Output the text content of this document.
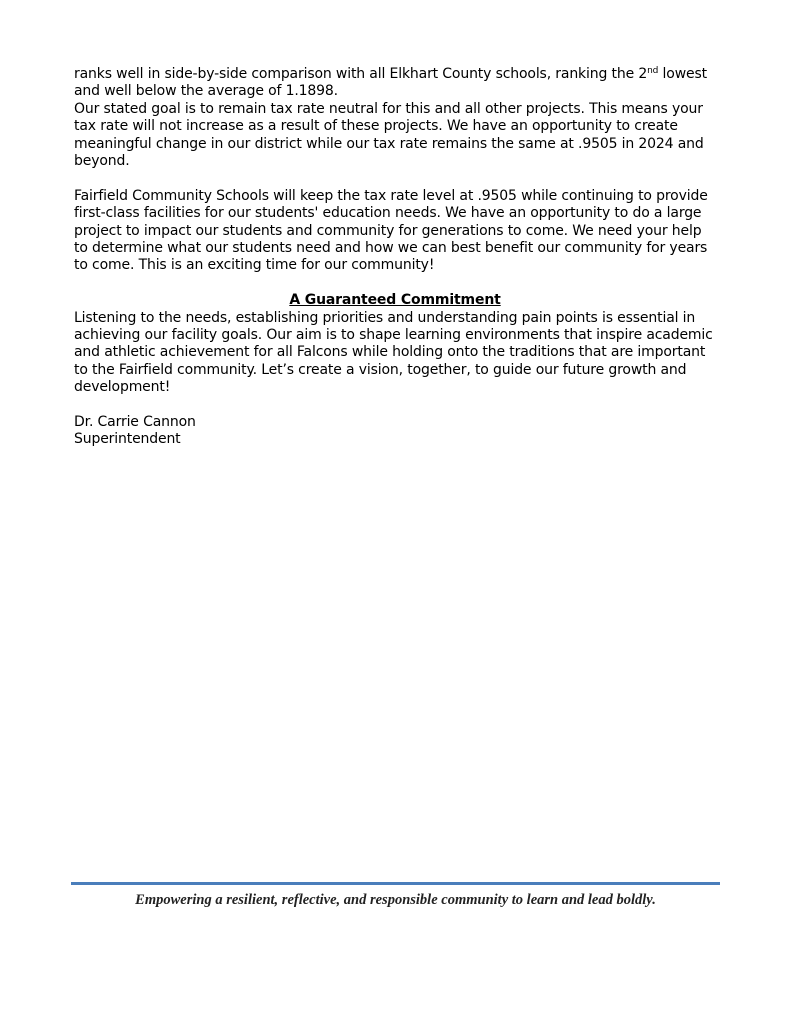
ranks well in side-by-side comparison with all Elkhart County schools, ranking the 2nd lowest and well below the average of 1.1898.

Our stated goal is to remain tax rate neutral for this and all other projects. This means your tax rate will not increase as a result of these projects. We have an opportunity to create meaningful change in our district while our tax rate remains the same at .9505 in 2024 and beyond.

Fairfield Community Schools will keep the tax rate level at .9505 while continuing to provide first-class facilities for our students' education needs. We have an opportunity to do a large project to impact our students and community for generations to come. We need your help to determine what our students need and how we can best benefit our community for years to come. This is an exciting time for our community!

A Guaranteed Commitment

Listening to the needs, establishing priorities and understanding pain points is essential in achieving our facility goals. Our aim is to shape learning environments that inspire academic and athletic achievement for all Falcons while holding onto the traditions that are important to the Fairfield community. Let’s create a vision, together, to guide our future growth and development!

Dr. Carrie Cannon

Superintendent

Empowering a resilient, reflective, and responsible community to learn and lead boldly.
